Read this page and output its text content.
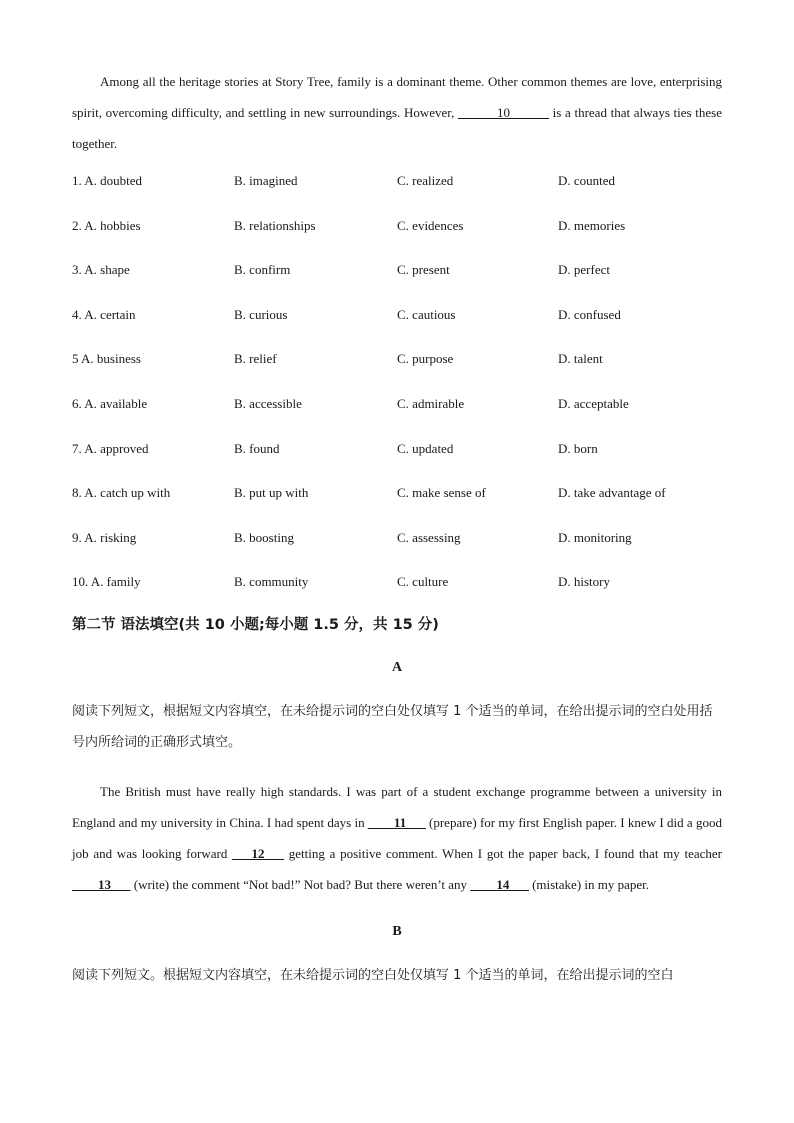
Among all the heritage stories at Story Tree, family is a dominant theme. Other common themes are love, enterprising spirit, overcoming difficulty, and settling in new surroundings. However, ______10______ is a thread that always ties these together.

1. A. doubted	B. imagined	C. realized	D. counted
2. A. hobbies	B. relationships	C. evidences	D. memories
3. A. shape	B. confirm	C. present	D. perfect
4. A. certain	B. curious	C. cautious	D. confused
5 A. business	B. relief	C. purpose	D. talent
6. A. available	B. accessible	C. admirable	D. acceptable
7. A. approved	B. found	C. updated	D. born
8. A. catch up with	B. put up with	C. make sense of	D. take advantage of
9. A. risking	B. boosting	C. assessing	D. monitoring
10. A. family	B. community	C. culture	D. history
第二节 语法填空(共 10 小题;每小题 1.5 分，共 15 分)
A

阅读下列短文，根据短文内容填空，在未给提示词的空白处仅填写 1 个适当的单词，在给出提示词的空白处用括号内所给词的正确形式填空。

The British must have really high standards. I was part of a student exchange programme between a university in England and my university in China. I had spent days in ____11___ (prepare) for my first English paper. I knew I did a good job and was looking forward ___12___ getting a positive comment. When I got the paper back, I found that my teacher ____13___ (write) the comment “Not bad!” Not bad? But there weren’t any ____14___ (mistake) in my paper.

B

阅读下列短文。根据短文内容填空，在未给提示词的空白处仅填写 1 个适当的单词，在给出提示词的空白
